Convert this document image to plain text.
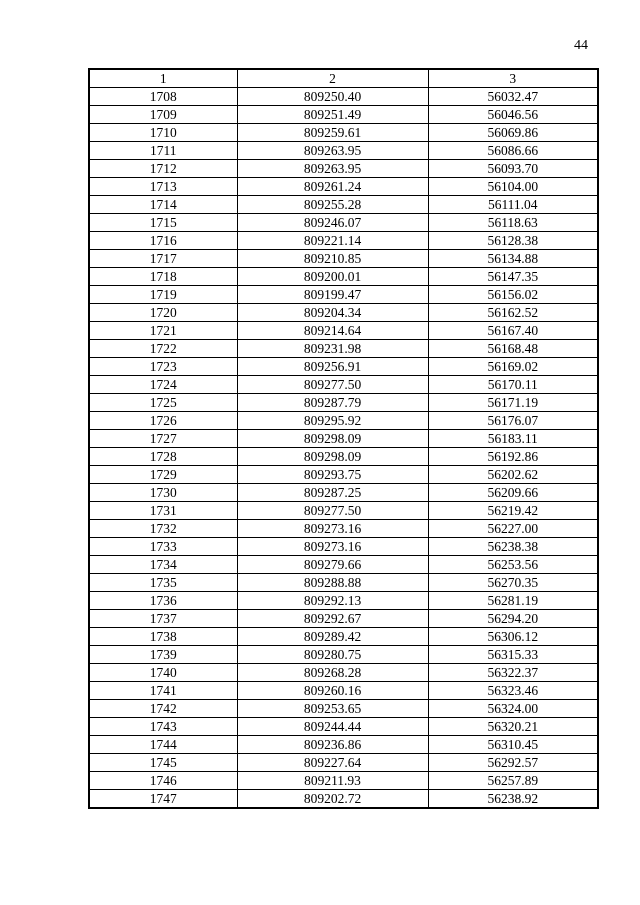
44
1	2	3
1708	809250.40	56032.47
1709	809251.49	56046.56
1710	809259.61	56069.86
1711	809263.95	56086.66
1712	809263.95	56093.70
1713	809261.24	56104.00
1714	809255.28	56111.04
1715	809246.07	56118.63
1716	809221.14	56128.38
1717	809210.85	56134.88
1718	809200.01	56147.35
1719	809199.47	56156.02
1720	809204.34	56162.52
1721	809214.64	56167.40
1722	809231.98	56168.48
1723	809256.91	56169.02
1724	809277.50	56170.11
1725	809287.79	56171.19
1726	809295.92	56176.07
1727	809298.09	56183.11
1728	809298.09	56192.86
1729	809293.75	56202.62
1730	809287.25	56209.66
1731	809277.50	56219.42
1732	809273.16	56227.00
1733	809273.16	56238.38
1734	809279.66	56253.56
1735	809288.88	56270.35
1736	809292.13	56281.19
1737	809292.67	56294.20
1738	809289.42	56306.12
1739	809280.75	56315.33
1740	809268.28	56322.37
1741	809260.16	56323.46
1742	809253.65	56324.00
1743	809244.44	56320.21
1744	809236.86	56310.45
1745	809227.64	56292.57
1746	809211.93	56257.89
1747	809202.72	56238.92
